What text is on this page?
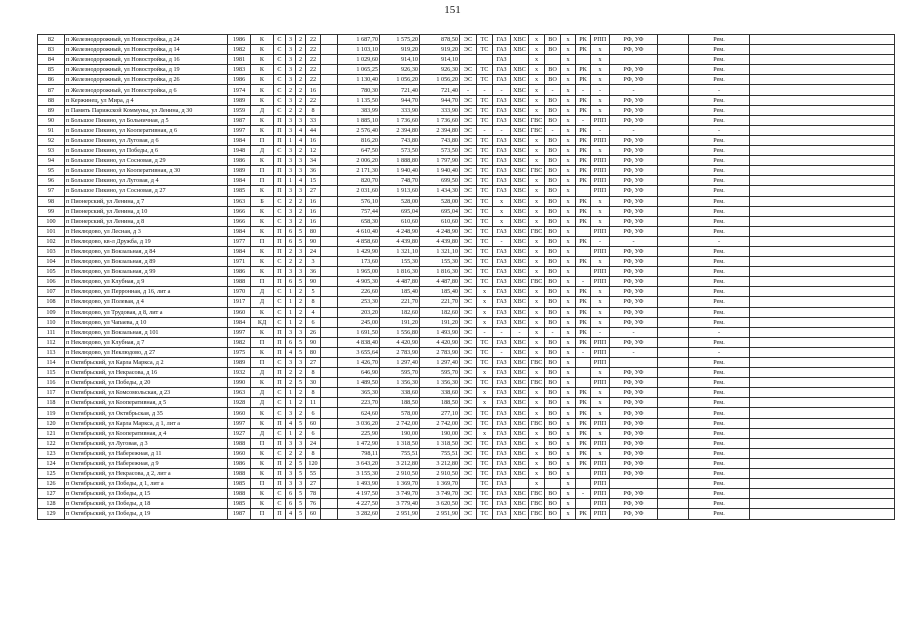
151
82	п Железнодорожный, ул Новостройка, д 24	1986	К	С	3	2	22		1 687,70	1 575,20	878,50	ЭС	ТС	ГАЗ	ХВС	х	ВО	х	РК	РПП	РФ, УФ		Рем.	
83	п Железнодорожный, ул Новостройка, д 14	1982	К	С	3	2	22		1 103,10	919,20	919,20	ЭС	ТС	ГАЗ	ХВС	х	ВО	х	РК	х	РФ, УФ		Рем.	
84	п Железнодорожный, ул Новостройка, д 16	1981	К	С	3	2	22		1 029,60	914,10	914,10			ГАЗ		х		х		х			Рем.	
85	п Железнодорожный, ул Новостройка, д 19	1983	К	С	3	2	22		1 065,25	926,30	926,30	ЭС	ТС	ГАЗ	ХВС	х	ВО	х	РК	х	РФ, УФ		Рем.	
86	п Железнодорожный, ул Новостройка, д 26	1986	К	С	3	2	22		1 130,40	1 056,20	1 056,20	ЭС	ТС	ГАЗ	ХВС	х	ВО	х	РК	х	РФ, УФ		Рем.	
87	п Железнодорожный, ул Новостройка, д 6	1974	К	С	2	2	16		780,30	721,40	721,40	-	-	-	ХВС	х	-	х	-	-	-		-	
88	п Кержинец, ул Мира, д 4	1989	К	С	3	2	22		1 135,50	944,70	944,70	ЭС	ТС	ГАЗ	ХВС	х	ВО	х	РК	х	РФ, УФ		Рем.	
89	п Память Парижской Коммуны, ул Ленина, д 30	1959	Д	С	2	2	8		383,99	333,90	333,90	ЭС	ТС	ГАЗ	ХВС	х	ВО	х	РК	х	РФ, УФ		Рем.	
90	п Большое Пикино, ул Больничная, д 5	1987	К	П	3	3	33		1 885,10	1 736,60	1 736,60	ЭС	ТС	ГАЗ	ХВС	ГВС	ВО	х	-	РПП	РФ, УФ		Рем.	
91	п Большое Пикино, ул Кооперативная, д 6	1997	К	П	3	4	44		2 576,40	2 394,80	2 394,80	ЭС	-	-	ХВС	ГВС	-	х	РК	-	-		-	
92	п Большое Пикино, ул Луговая, д 6	1984	П	П	1	4	16		816,20	743,80	743,80	ЭС	ТС	ГАЗ	ХВС	х	ВО	х	РК	РПП	РФ, УФ		Рем.	
93	п Большое Пикино, ул Победы, д 6	1948	Д	С	3	2	12		647,50	573,50	573,50	ЭС	ТС	ГАЗ	ХВС	х	ВО	х	РК	х	РФ, УФ		Рем.	
94	п Большое Пикино, ул Сосновая, д 29	1986	К	П	3	3	34		2 006,20	1 888,80	1 797,90	ЭС	ТС	ГАЗ	ХВС	х	ВО	х	РК	РПП	РФ, УФ		Рем.	
95	п Большое Пикино, ул Кооперативная, д 30	1989	П	П	3	3	36		2 171,30	1 940,40	1 940,40	ЭС	ТС	ГАЗ	ХВС	ГВС	ВО	х	РК	РПП	РФ, УФ		Рем.	
96	п Большое Пикино, ул Луговая, д 4	1984	П	П	1	4	15		820,70	748,70	699,50	ЭС	ТС	ГАЗ	ХВС	х	ВО	х	РК	РПП	РФ, УФ		Рем.	
97	п Большое Пикино, ул Сосновая, д 27	1985	К	П	3	3	27		2 031,60	1 913,60	1 434,30	ЭС	ТС	ГАЗ	ХВС	х	ВО	х		РПП	РФ, УФ		Рем.	
98	п Пионерский, ул Ленина, д 7	1963	Б	С	2	2	16		576,10	528,00	528,00	ЭС	ТС	х	ХВС	х	ВО	х	РК	х	РФ, УФ		Рем.	
99	п Пионерский, ул Ленина, д 10	1966	К	С	3	2	16		757,44	695,04	695,04	ЭС	ТС	х	ХВС	х	ВО	х	РК	х	РФ, УФ		Рем.	
100	п Пионерский, ул Ленина, д 8	1966	К	С	3	2	16		658,30	610,60	610,60	ЭС	ТС	х	ХВС	х	ВО	х	РК	х	РФ, УФ		Рем.	
101	п Неклюдово, ул Лесная, д 3	1984	К	П	6	5	80		4 610,40	4 248,90	4 248,90	ЭС	ТС	ГАЗ	ХВС	ГВС	ВО	х		РПП	РФ, УФ		Рем.	
102	п Неклюдово, кв-л Дружба, д 19	1977	П	П	6	5	90		4 858,60	4 439,80	4 439,80	ЭС	ТС	-	ХВС	х	ВО	х	РК	-	-		-	
103	п Неклюдово, ул Вокзальная, д 84	1984	К	П	2	3	24		1 429,90	1 321,10	1 321,10	ЭС	ТС	ГАЗ	ХВС	х	ВО	х		РПП	РФ, УФ		Рем.	
104	п Неклюдово, ул Вокзальная, д 89	1971	К	С	2	2	3		173,60	155,30	155,30	ЭС	ТС	ГАЗ	ХВС	х	ВО	х	РК	х	РФ, УФ		Рем.	
105	п Неклюдово, ул Вокзальная, д 99	1986	К	П	3	3	36		1 965,00	1 816,30	1 816,30	ЭС	ТС	ГАЗ	ХВС	х	ВО	х		РПП	РФ, УФ		Рем.	
106	п Неклюдово, ул Клубная, д 9	1988	П	П	6	5	90		4 905,30	4 487,80	4 487,80	ЭС	ТС	ГАЗ	ХВС	ГВС	ВО	х	-	РПП	РФ, УФ		Рем.	
107	п Неклюдово, ул Перронная, д 16, лит а	1970	Д	С	1	2	5		226,60	185,40	185,40	ЭС	х	ГАЗ	ХВС	х	ВО	х	РК	х	РФ, УФ		Рем.	
108	п Неклюдово, ул Полевая, д 4	1917	Д	С	1	2	8		253,30	221,70	221,70	ЭС	х	ГАЗ	ХВС	х	ВО	х	РК	х	РФ, УФ		Рем.	
109	п Неклюдово, ул Трудовая, д 8, лит а	1960	К	С	1	2	4		203,20	182,60	182,60	ЭС	х	ГАЗ	ХВС	х	ВО	х	РК	х	РФ, УФ		Рем.	
110	п Неклюдово, ул Чапаева, д 10	1984	КД	С	1	2	6		245,00	191,20	191,20	ЭС	х	ГАЗ	ХВС	х	ВО	х	РК	х	РФ, УФ		Рем.	
111	п Неклюдово, ул Вокзальная, д 101	1997	К	П	3	3	26		1 691,50	1 556,80	1 493,90	ЭС	-	-	-	х	-	х	РК	-	-		-	
112	п Неклюдово, ул Клубная, д 7	1982	П	П	6	5	90		4 838,40	4 420,90	4 420,90	ЭС	ТС	ГАЗ	ХВС	х	ВО	х	РК	РПП	РФ, УФ		Рем.	
113	п Неклюдово, ул Неклюдово, д 27	1975	К	П	4	5	80		3 655,64	2 783,90	2 783,90	ЭС	ТС	-	ХВС	х	ВО	х	-	РПП	-		-	
114	п Октябрьский, ул Карла Маркса, д 2	1989	П	С	3	3	27		1 426,70	1 297,40	1 297,40	ЭС	ТС	ГАЗ	ХВС	ГВС	ВО	х		РПП			Рем.	
115	п Октябрьский, ул Некрасова, д 16	1932	Д	П	2	2	8		646,90	595,70	595,70	ЭС	х	ГАЗ	ХВС	х	ВО	х		х	РФ, УФ		Рем.	
116	п Октябрьский, ул Победы, д 20	1990	К	П	2	5	30		1 489,50	1 356,30	1 356,30	ЭС	ТС	ГАЗ	ХВС	ГВС	ВО	х		РПП	РФ, УФ		Рем.	
117	п Октябрьский, ул Комсомольская, д 23	1963	Д	С	1	2	8		365,30	338,60	338,60	ЭС	х	ГАЗ	ХВС	х	ВО	х	РК	х	РФ, УФ		Рем.	
118	п Октябрьский, ул Кооперативная, д 5	1928	Д	С	1	2	11		223,70	188,50	188,50	ЭС	х	ГАЗ	ХВС	х	ВО	х	РК	х	РФ, УФ		Рем.	
119	п Октябрьский, ул Октябрьская, д 35	1960	К	С	3	2	6		624,60	578,00	277,10	ЭС	ТС	ГАЗ	ХВС	х	ВО	х	РК	х	РФ, УФ		Рем.	
120	п Октябрьский, ул Карла Маркса, д 1, лит а	1997	К	П	4	5	60		3 036,20	2 742,00	2 742,00	ЭС	ТС	ГАЗ	ХВС	ГВС	ВО	х	РК	РПП	РФ, УФ		Рем.	
121	п Октябрьский, ул Кооперативная, д 4	1927	Д	С	1	2	6		225,90	190,00	190,00	ЭС	х	ГАЗ	ХВС	х	ВО	х	РК	х	РФ, УФ		Рем.	
122	п Октябрьский, ул Луговая, д 3	1988	П	П	3	3	24		1 472,90	1 318,50	1 318,50	ЭС	ТС	ГАЗ	ХВС	х	ВО	х	РК	РПП	РФ, УФ		Рем.	
123	п Октябрьский, ул Набережная, д 11	1960	К	С	2	2	8		798,11	755,51	755,51	ЭС	ТС	ГАЗ	ХВС	х	ВО	х	РК	х	РФ, УФ		Рем.	
124	п Октябрьский, ул Набережная, д 9	1986	К	П	2	5	120		3 643,20	3 212,80	3 212,80	ЭС	ТС	ГАЗ	ХВС	х	ВО	х	РК	РПП	РФ, УФ		Рем.	
125	п Октябрьский, ул Некрасова, д 2, лит а	1988	К	П	3	5	55		3 155,30	2 910,50	2 910,50	ЭС	ТС	ГАЗ	ХВС	х	ВО	х		РПП	РФ, УФ		Рем.	
126	п Октябрьский, ул Победы, д 1, лит а	1985	П	П	3	3	27		1 493,90	1 369,70	1 369,70		ТС	ГАЗ		х		х		РПП			Рем.	
127	п Октябрьский, ул Победы, д 15	1988	К	С	6	5	78		4 197,50	3 749,70	3 749,70	ЭС	ТС	ГАЗ	ХВС	ГВС	ВО	х	-	РПП	РФ, УФ		Рем.	
128	п Октябрьский, ул Победы, д 18	1985	К	С	6	5	76		4 227,50	3 779,40	3 620,50	ЭС	ТС	ГАЗ	ХВС	ГВС	ВО	х		РПП	РФ, УФ		Рем.	
129	п Октябрьский, ул Победы, д 19	1987	П	П	4	5	60		3 282,60	2 951,90	2 951,90	ЭС	ТС	ГАЗ	ХВС	ГВС	ВО	х	РК	РПП	РФ, УФ		Рем.	
